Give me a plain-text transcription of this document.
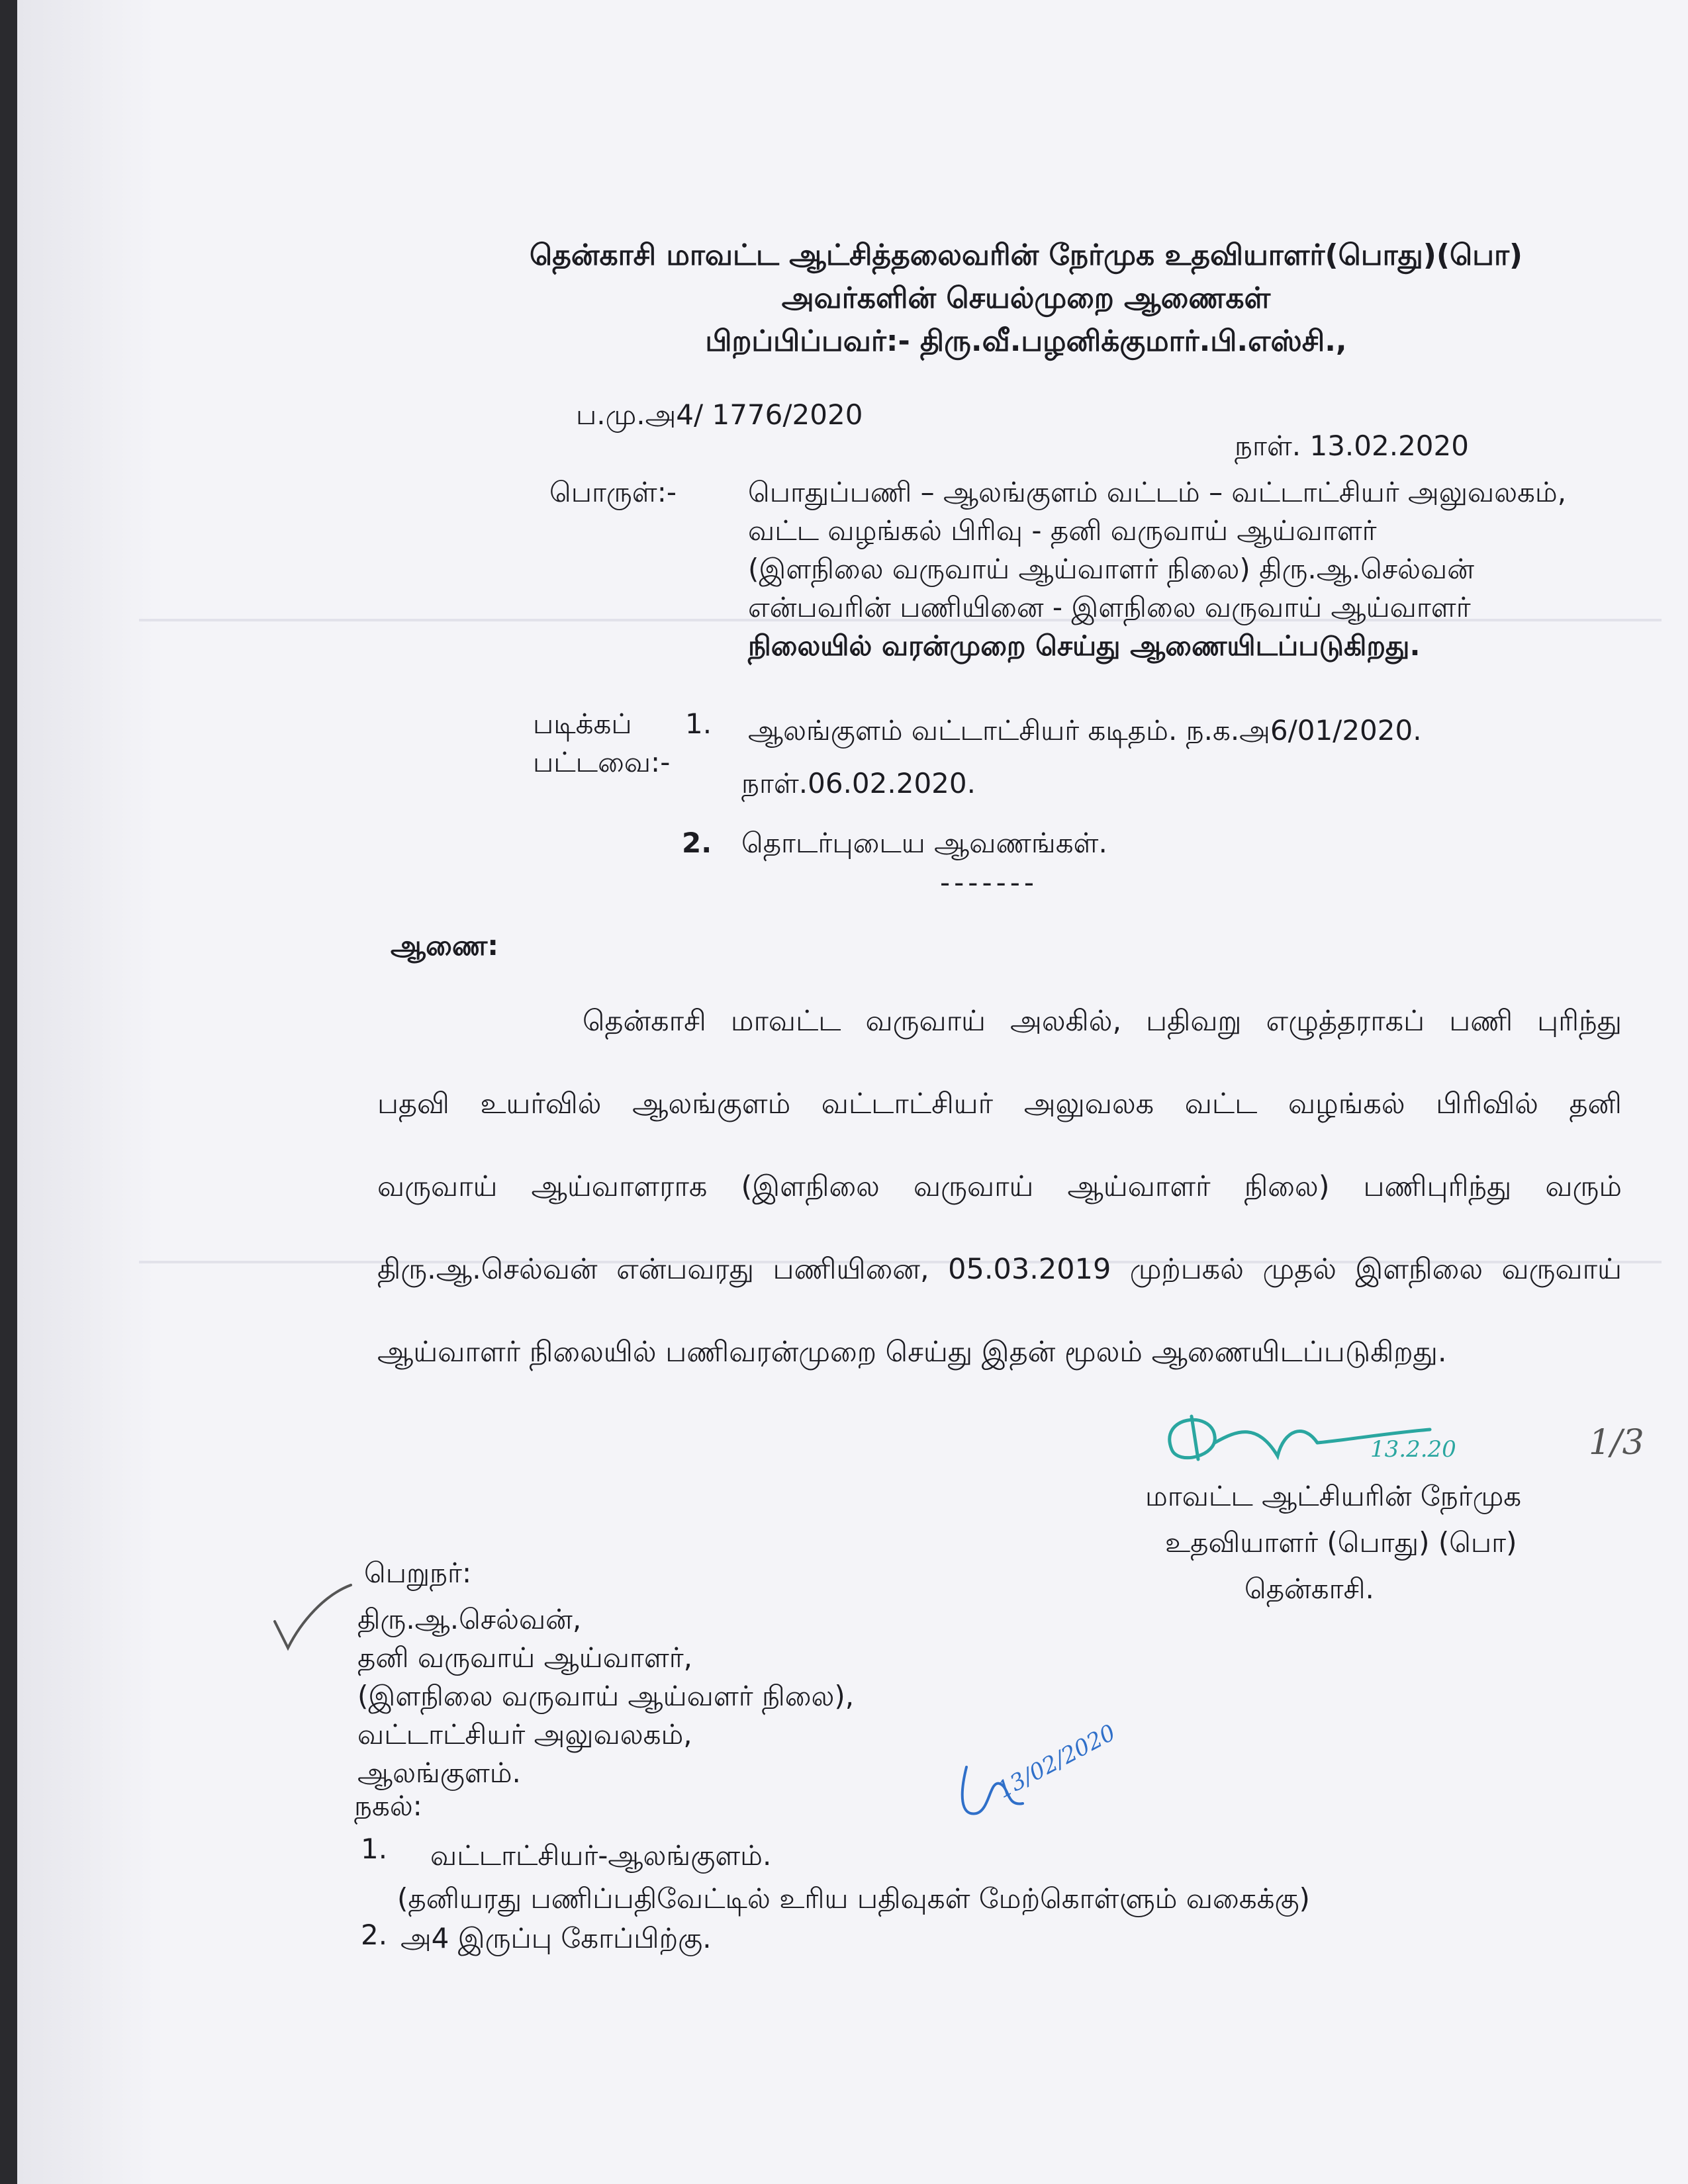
தென்காசி மாவட்ட ஆட்சித்தலைவரின் நேர்முக உதவியாளர்(பொது)(பொ)
அவர்களின் செயல்முறை ஆணைகள்
பிறப்பிப்பவர்:- திரு.வீ.பழனிக்குமார்.பி.எஸ்சி.,
ப.மு.அ4/ 1776/2020
நாள். 13.02.2020
பொருள்:-	பொதுப்பணி – ஆலங்குளம் வட்டம் – வட்டாட்சியர் அலுவலகம்,
வட்ட வழங்கல் பிரிவு - தனி வருவாய் ஆய்வாளர்
(இளநிலை வருவாய் ஆய்வாளர் நிலை) திரு.ஆ.செல்வன்
என்பவரின் பணியினை - இளநிலை வருவாய் ஆய்வாளர்
நிலையில் வரன்முறை செய்து ஆணையிடப்படுகிறது.
படிக்கப்
பட்டவை:-
1. ஆலங்குளம் வட்டாட்சியர் கடிதம். ந.க.அ6/01/2020.
நாள்.06.02.2020.
2. தொடர்புடைய ஆவணங்கள்.
-------
ஆணை:
தென்காசி மாவட்ட வருவாய் அலகில், பதிவறு எழுத்தராகப் பணி புரிந்து
பதவி உயர்வில் ஆலங்குளம் வட்டாட்சியர் அலுவலக வட்ட வழங்கல் பிரிவில் தனி
வருவாய் ஆய்வாளராக (இளநிலை வருவாய் ஆய்வாளர் நிலை) பணிபுரிந்து வரும்
திரு.ஆ.செல்வன் என்பவரது பணியினை, 05.03.2019 முற்பகல் முதல் இளநிலை வருவாய்
ஆய்வாளர் நிலையில் பணிவரன்முறை செய்து இதன் மூலம் ஆணையிடப்படுகிறது.
13.2.20	1/3
மாவட்ட ஆட்சியரின் நேர்முக
உதவியாளர் (பொது) (பொ)
தென்காசி.
பெறுநர்:
திரு.ஆ.செல்வன்,
தனி வருவாய் ஆய்வாளர்,
(இளநிலை வருவாய் ஆய்வளர் நிலை),
வட்டாட்சியர் அலுவலகம்,
ஆலங்குளம்.
நகல்:
1. வட்டாட்சியர்-ஆலங்குளம்.
(தனியரது பணிப்பதிவேட்டில் உரிய பதிவுகள் மேற்கொள்ளும் வகைக்கு)
2. அ4 இருப்பு கோப்பிற்கு.
13/02/2020
